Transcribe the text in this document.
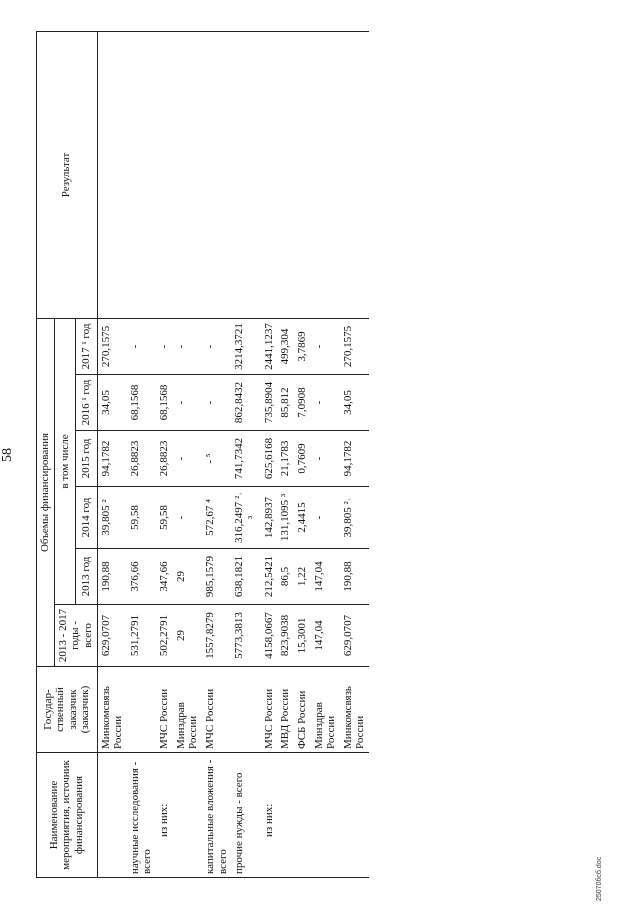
58
Наименование мероприятия, источник финансирования	Государ-ственный заказчик (заказчик)	Объемы финансирования						Результат
		2013 - 2017 годы - всего	в том числе					
			2013 год	2014 год	2015 год	2016 ¹ год	2017 ¹ год	
	Минкомсвязь России	629,0707	190,88	39,805 ²	94,1782	34,05	270,1575	
научные исследования - всего		531,2791	376,66	59,58	26,8823	68,1568	-	
из них:	МЧС России	502,2791	347,66	59,58	26,8823	68,1568	-	
	Минздрав России	29	29	-	-	-	-	
капитальные вложения - всего	МЧС России	1557,8279	985,1579	572,67 ⁴	- ⁵	-	-	
прочие нужды - всего		5773,3813	638,1821	316,2497 ²˒ ³	741,7342	862,8432	3214,3721	
из них:	МЧС России	4158,0667	212,5421	142,8937	625,6168	735,8904	2441,1237	
	МВД России	823,9038	86,5	131,1095 ³	21,1783	85,812	499,304	
	ФСБ России	15,3001	1,22	2,4415	0,7609	7,0908	3,7869	
	Минздрав России	147,04	147,04	-	-	-	-	
	Минкомсвязь России	629,0707	190,88	39,805 ²˒	94,1782	34,05	270,1575	
25070бсб.doc
